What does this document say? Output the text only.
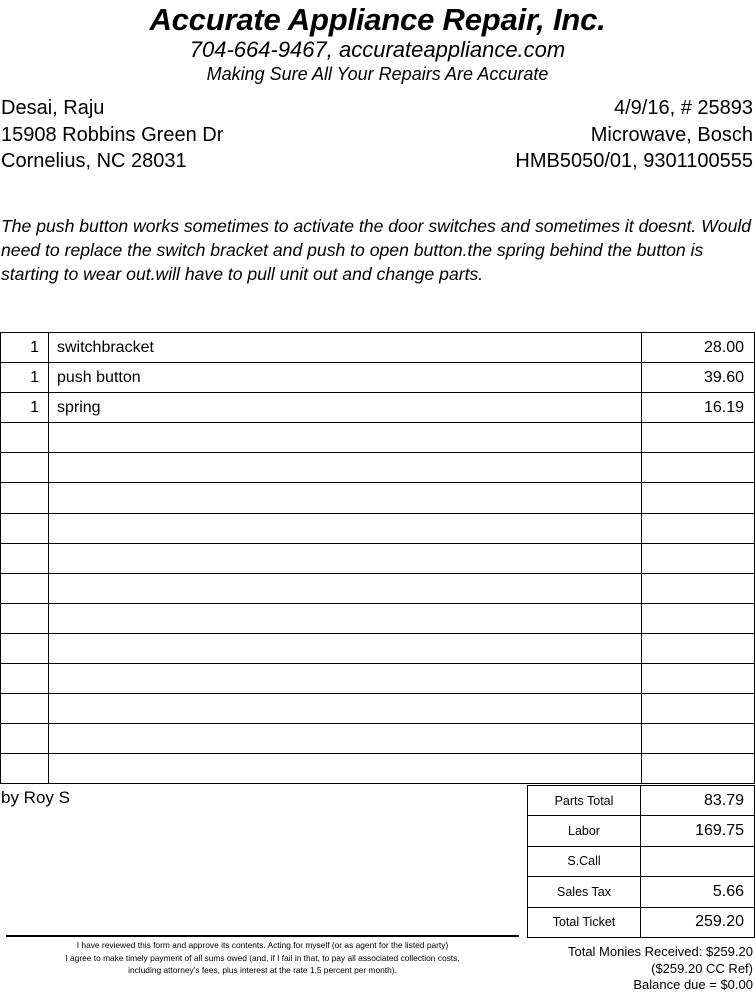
Accurate Appliance Repair, Inc.
704-664-9467, accurateappliance.com
Making Sure All Your Repairs Are Accurate
Desai, Raju
15908 Robbins Green Dr
Cornelius, NC 28031
4/9/16, # 25893
Microwave, Bosch
HMB5050/01, 9301100555
The push button works sometimes to activate the door switches and sometimes it doesnt. Would need to replace the switch bracket and push to open button.the spring behind the button is starting to wear out.will have to pull unit out and change parts.
1	switchbracket	28.00
1	push button	39.60
1	spring	16.19

by Roy S	Parts Total	83.79
Labor	169.75
S.Call	
Sales Tax	5.66
Total Ticket	259.20
I have reviewed this form and approve its contents. Acting for myself (or as agent for the listed party)
I agree to make timely payment of all sums owed (and, if I fail in that, to pay all associated collection costs,
including attorney's fees, plus interest at the rate 1.5 percent per month).
Total Monies Received: $259.20
($259.20 CC Ref)
Balance due = $0.00
